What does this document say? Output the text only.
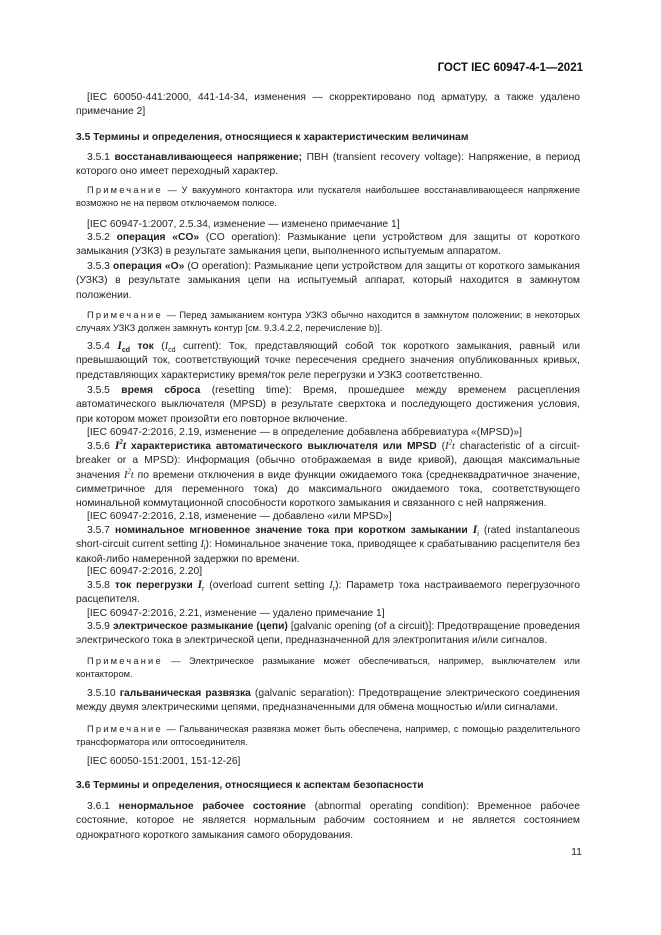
ГОСТ IEC 60947-4-1—2021

[IEC 60050-441:2000, 441-14-34, изменения — скорректировано под арматуру, а также удалено примечание 2]

3.5 Термины и определения, относящиеся к характеристическим величинам

3.5.1 восстанавливающееся напряжение; ПВН (transient recovery voltage): Напряжение, в период которого оно имеет переходный характер.

Примечание — У вакуумного контактора или пускателя наибольшее восстанавливающееся напряжение возможно не на первом отключаемом полюсе.

[IEC 60947-1:2007, 2.5.34, изменение — изменено примечание 1]

3.5.2 операция «CO» (CO operation): Размыкание цепи устройством для защиты от короткого замыкания (УЗКЗ) в результате замыкания цепи, выполненного испытуемым аппаратом.

3.5.3 операция «O» (O operation): Размыкание цепи устройством для защиты от короткого замыкания (УЗКЗ) в результате замыкания цепи на испытуемый аппарат, который находится в замкнутом положении.

Примечание — Перед замыканием контура УЗКЗ обычно находится в замкнутом положении; в некоторых случаях УЗКЗ должен замкнуть контур [см. 9.3.4.2.2, перечисление b)].

3.5.4 $I_{cd}$ ток ($I_{cd}$ current): Ток, представляющий собой ток короткого замыкания, равный или превышающий ток, соответствующий точке пересечения среднего значения опубликованных кривых, представляющих характеристику время/ток реле перегрузки и УЗКЗ соответственно.

3.5.5 время сброса (resetting time): Время, прошедшее между временем расцепления автоматического выключателя (MPSD) в результате сверхтока и последующего достижения условия, при котором может произойти его повторное включение.

[IEC 60947-2:2016, 2.19, изменение — в определение добавлена аббревиатура «(MPSD)»]

3.5.6 $I^2t$ характеристика автоматического выключателя или MPSD ($I^2t$ characteristic of a circuit-breaker or a MPSD): Информация (обычно отображаемая в виде кривой), дающая максимальные значения $I^2t$ по времени отключения в виде функции ожидаемого тока (среднеквадратичное значение, симметричное для переменного тока) до максимального ожидаемого тока, соответствующего номинальной коммутационной способности короткого замыкания и связанного с ней напряжения.

[IEC 60947-2:2016, 2.18, изменение — добавлено «или MPSD»]

3.5.7 номинальное мгновенное значение тока при коротком замыкании $I_i$ (rated instantaneous short-circuit current setting $I_i$): Номинальное значение тока, приводящее к срабатыванию расцепителя без какой-либо намеренной задержки по времени.

[IEC 60947-2:2016, 2.20]

3.5.8 ток перегрузки $I_r$ (overload current setting $I_r$): Параметр тока настраиваемого перегрузочного расцепителя.

[IEC 60947-2:2016, 2.21, изменение — удалено примечание 1]

3.5.9 электрическое размыкание (цепи) [galvanic opening (of a circuit)]: Предотвращение проведения электрического тока в электрической цепи, предназначенной для электропитания и/или сигналов.

Примечание — Электрическое размыкание может обеспечиваться, например, выключателем или контактором.

3.5.10 гальваническая развязка (galvanic separation): Предотвращение электрического соединения между двумя электрическими цепями, предназначенными для обмена мощностью и/или сигналами.

Примечание — Гальваническая развязка может быть обеспечена, например, с помощью разделительного трансформатора или оптосоединителя.

[IEC 60050-151:2001, 151-12-26]

3.6 Термины и определения, относящиеся к аспектам безопасности

3.6.1 ненормальное рабочее состояние (abnormal operating condition): Временное рабочее состояние, которое не является нормальным рабочим состоянием и не является состоянием однократного короткого замыкания самого оборудования.

11
